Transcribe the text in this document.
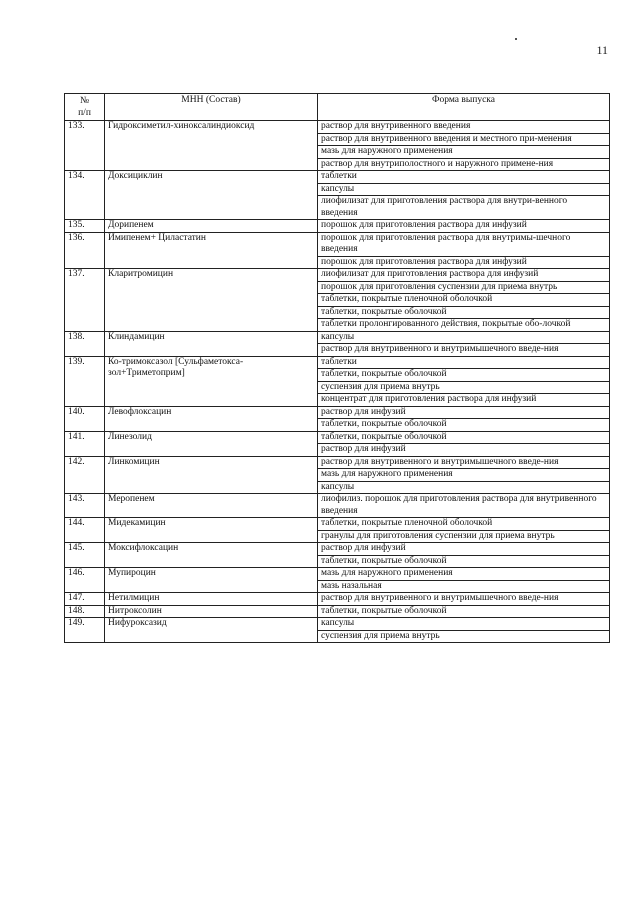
11
№
п/п	МНН (Состав)	Форма выпуска
133.	Гидроксиметил-хиноксалиндиоксид	раствор для внутривенного введения
		раствор для внутривенного введения и местного при-менения
		мазь для наружного применения
		раствор для внутриполостного и наружного примене-ния
134.	Доксициклин	таблетки
		капсулы
		лиофилизат для приготовления раствора для внутри-венного введения
135.	Дорипенем	порошок для приготовления раствора для инфузий
136.	Имипенем+ Циластатин	порошок для приготовления раствора для внутримы-шечного введения
		порошок для приготовления раствора для инфузий
137.	Кларитромицин	лиофилизат для приготовления раствора для инфузий
		порошок для приготовления суспензии для приема внутрь
		таблетки, покрытые пленочной оболочкой
		таблетки, покрытые оболочкой
		таблетки пролонгированного действия, покрытые обо-лочкой
138.	Клиндамицин	капсулы
		раствор для внутривенного и внутримышечного введе-ния
139.	Ко-тримоксазол [Сульфаметокса-зол+Триметоприм]	таблетки
		таблетки, покрытые оболочкой
		суспензия для приема внутрь
		концентрат для приготовления раствора для инфузий
140.	Левофлоксацин	раствор для инфузий
		таблетки, покрытые оболочкой
141.	Линезолид	таблетки, покрытые оболочкой
		раствор для инфузий
142.	Линкомицин	раствор для внутривенного и внутримышечного введе-ния
		мазь для наружного применения
		капсулы
143.	Меропенем	лиофилиз. порошок для приготовления раствора для внутривенного введения
144.	Мидекамицин	таблетки, покрытые пленочной оболочкой
		гранулы для приготовления суспензии для приема внутрь
145.	Моксифлоксацин	раствор для инфузий
		таблетки, покрытые оболочкой
146.	Мупироцин	мазь для наружного применения
		мазь назальная
147.	Нетилмицин	раствор для внутривенного и внутримышечного введе-ния
148.	Нитроксолин	таблетки, покрытые оболочкой
149.	Нифуроксазид	капсулы
		суспензия для приема внутрь
